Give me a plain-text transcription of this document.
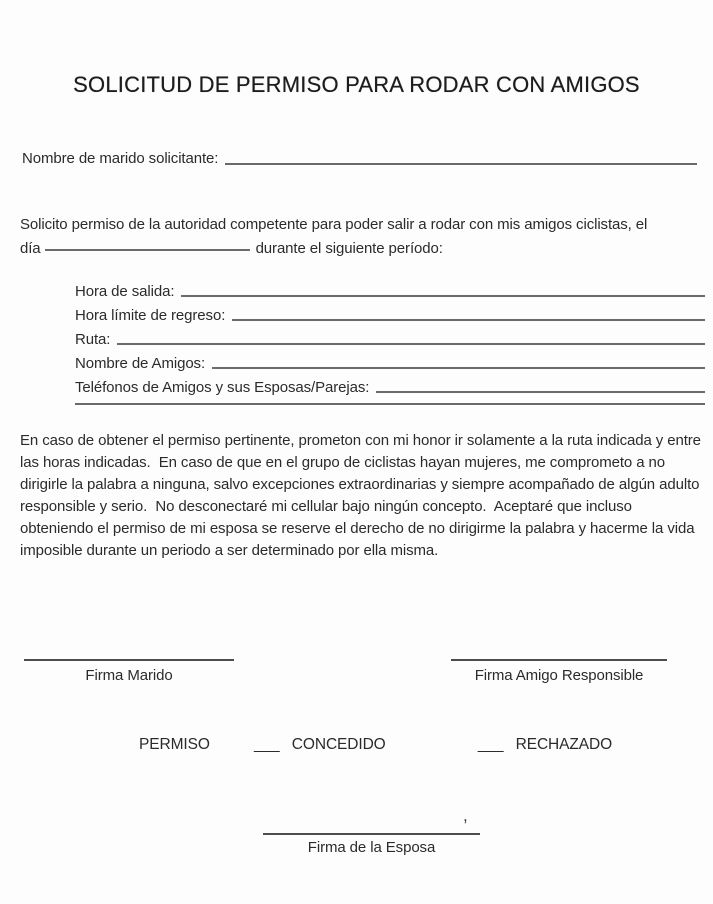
SOLICITUD DE PERMISO PARA RODAR CON AMIGOS
Nombre de marido solicitante:
Solicito permiso de la autoridad competente para poder salir a rodar con mis amigos ciclistas, el
día	durante el siguiente período:
Hora de salida:
Hora límite de regreso:
Ruta:
Nombre de Amigos:
Teléfonos de Amigos y sus Esposas/Parejas:
En caso de obtener el permiso pertinente, prometon con mi honor ir solamente a la ruta indicada y entre las horas indicadas.  En caso de que en el grupo de ciclistas hayan mujeres, me comprometo a no dirigirle la palabra a ninguna, salvo excepciones extraordinarias y siempre acompañado de algún adulto responsible y serio.  No desconectaré mi cellular bajo ningún concepto.  Aceptaré que incluso obteniendo el permiso de mi esposa se reserve el derecho de no dirigirme la palabra y hacerme la vida imposible durante un periodo a ser determinado por ella misma.
Firma Marido	Firma Amigo Responsible
PERMISO	___ CONCEDIDO	___ RECHAZADO
,
Firma de la Esposa
